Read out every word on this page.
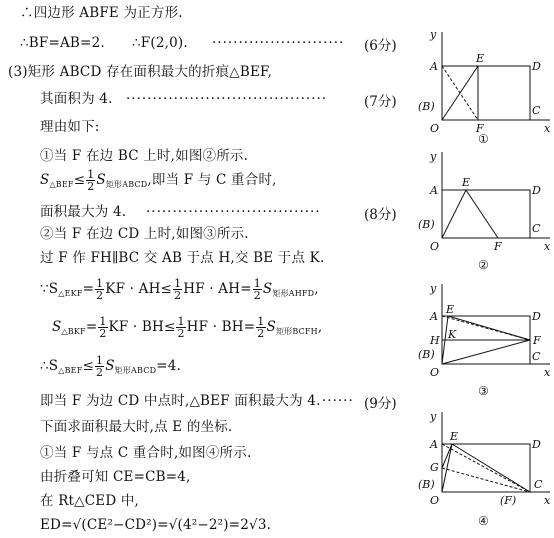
∴四边形 ABFE 为正方形.
∴BF=AB=2. ∴F(2,0). ························· (6分)
(3)矩形 ABCD 存在面积最大的折痕△BEF,
其面积为 4. ······································	(7分)
理由如下:
①当 F 在边 BC 上时,如图②所示.
$S_{\triangle BEF}\le \frac{1}{2} S_{矩形ABCD}$,即当 F 与 C 重合时,
面积最大为 4. ·································	(8分)
②当 F 在边 CD 上时,如图③所示.
过 F 作 FH∥BC 交 AB 于点 H,交 BE 于点 K.
$\because S_{\triangle EKF}= \frac{1}{2}$ KF · $AH\le \frac{1}{2}$ HF · $AH= \frac{1}{2} S_{矩形AHFD}$,
$S_{\triangle BKF}= \frac{1}{2}$ KF · $BH\le \frac{1}{2}$ HF · $BH= \frac{1}{2} S_{矩形BCFH}$,
$\therefore S_{\triangle BEF}\le \frac{1}{2} S_{矩形ABCD}=4$.
即当 F 为边 CD 中点时,△BEF 面积最大为 4. ······ (9分)
下面求面积最大时,点 E 的坐标.
①当 F 与点 C 重合时,如图④所示.
由折叠可知 CE=CB=4,
在 Rt△CED 中,
ED=√(CE²−CD²)=√(4²−2²)=2√3.
y
A
E
D
(B)
O	F
C
x
①
y
A
E
D
(B)
O	F
C
x
②
y
A
E
D
H K	F
(B)
O
C
x
③
y
A
E
D
G
(B)
O	(F)
C
x
④
